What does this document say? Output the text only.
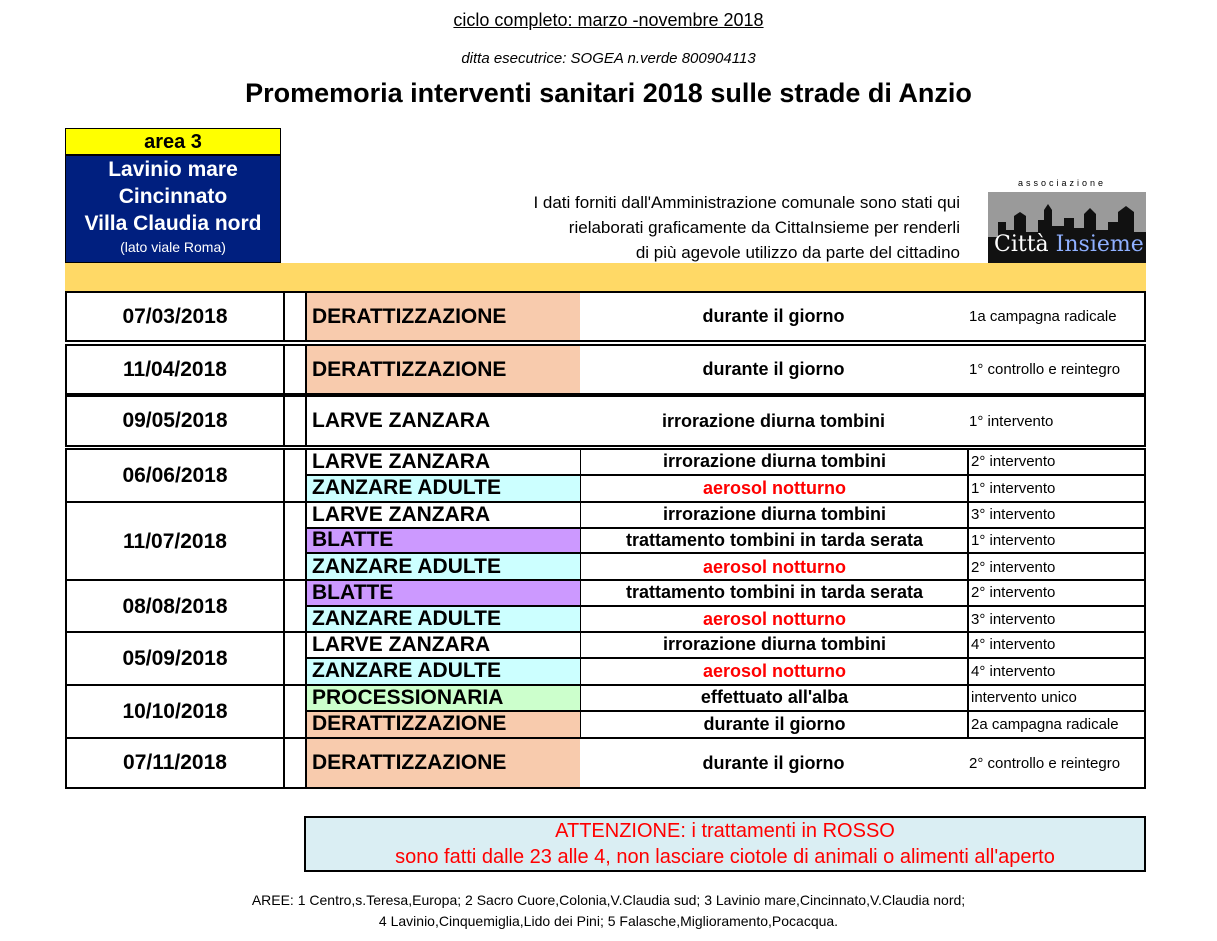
ciclo completo: marzo -novembre 2018
ditta esecutrice: SOGEA n.verde 800904113
Promemoria interventi sanitari 2018 sulle strade di Anzio
area 3
Lavinio mare
Cincinnato
Villa Claudia nord
(lato viale Roma)
I dati forniti dall'Amministrazione comunale sono stati qui
rielaborati graficamente da CittaInsieme per renderli
di più agevole utilizzo da parte del cittadino
associazione
Città Insieme
07/03/2018	DERATTIZZAZIONE	durante il giorno	1a campagna radicale
11/04/2018	DERATTIZZAZIONE	durante il giorno	1° controllo e reintegro
09/05/2018	LARVE ZANZARA	irrorazione diurna tombini	1° intervento
06/06/2018
LARVE ZANZARA	irrorazione diurna tombini	2° intervento
ZANZARE ADULTE	aerosol notturno	1° intervento
11/07/2018
LARVE ZANZARA	irrorazione diurna tombini	3° intervento
BLATTE	trattamento tombini in tarda serata	1° intervento
ZANZARE ADULTE	aerosol notturno	2° intervento
08/08/2018
BLATTE	trattamento tombini in tarda serata	2° intervento
ZANZARE ADULTE	aerosol notturno	3° intervento
05/09/2018
LARVE ZANZARA	irrorazione diurna tombini	4° intervento
ZANZARE ADULTE	aerosol notturno	4° intervento
10/10/2018
PROCESSIONARIA	effettuato all'alba	intervento unico
DERATTIZZAZIONE	durante il giorno	2a campagna radicale
07/11/2018	DERATTIZZAZIONE	durante il giorno	2° controllo e reintegro
ATTENZIONE: i trattamenti in ROSSO
sono fatti dalle 23 alle 4, non lasciare ciotole di animali o alimenti all'aperto
AREE: 1 Centro,s.Teresa,Europa; 2 Sacro Cuore,Colonia,V.Claudia sud; 3 Lavinio mare,Cincinnato,V.Claudia nord;
4 Lavinio,Cinquemiglia,Lido dei Pini; 5 Falasche,Miglioramento,Pocacqua.
